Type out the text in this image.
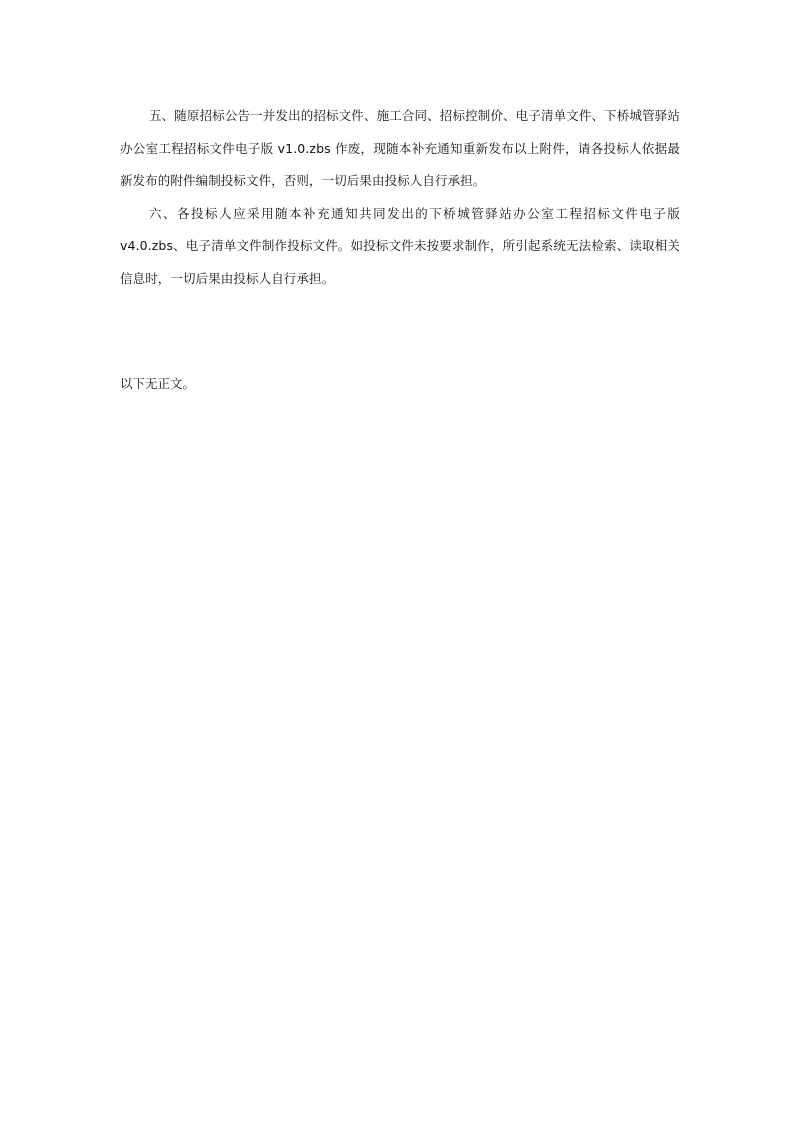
五、随原招标公告一并发出的招标文件、施工合同、招标控制价、电子清单文件、下桥城管驿站办公室工程招标文件电子版 v1.0.zbs 作废，现随本补充通知重新发布以上附件，请各投标人依据最新发布的附件编制投标文件，否则，一切后果由投标人自行承担。

六、各投标人应采用随本补充通知共同发出的下桥城管驿站办公室工程招标文件电子版 v4.0.zbs、电子清单文件制作投标文件。如投标文件未按要求制作，所引起系统无法检索、读取相关信息时，一切后果由投标人自行承担。

以下无正文。
